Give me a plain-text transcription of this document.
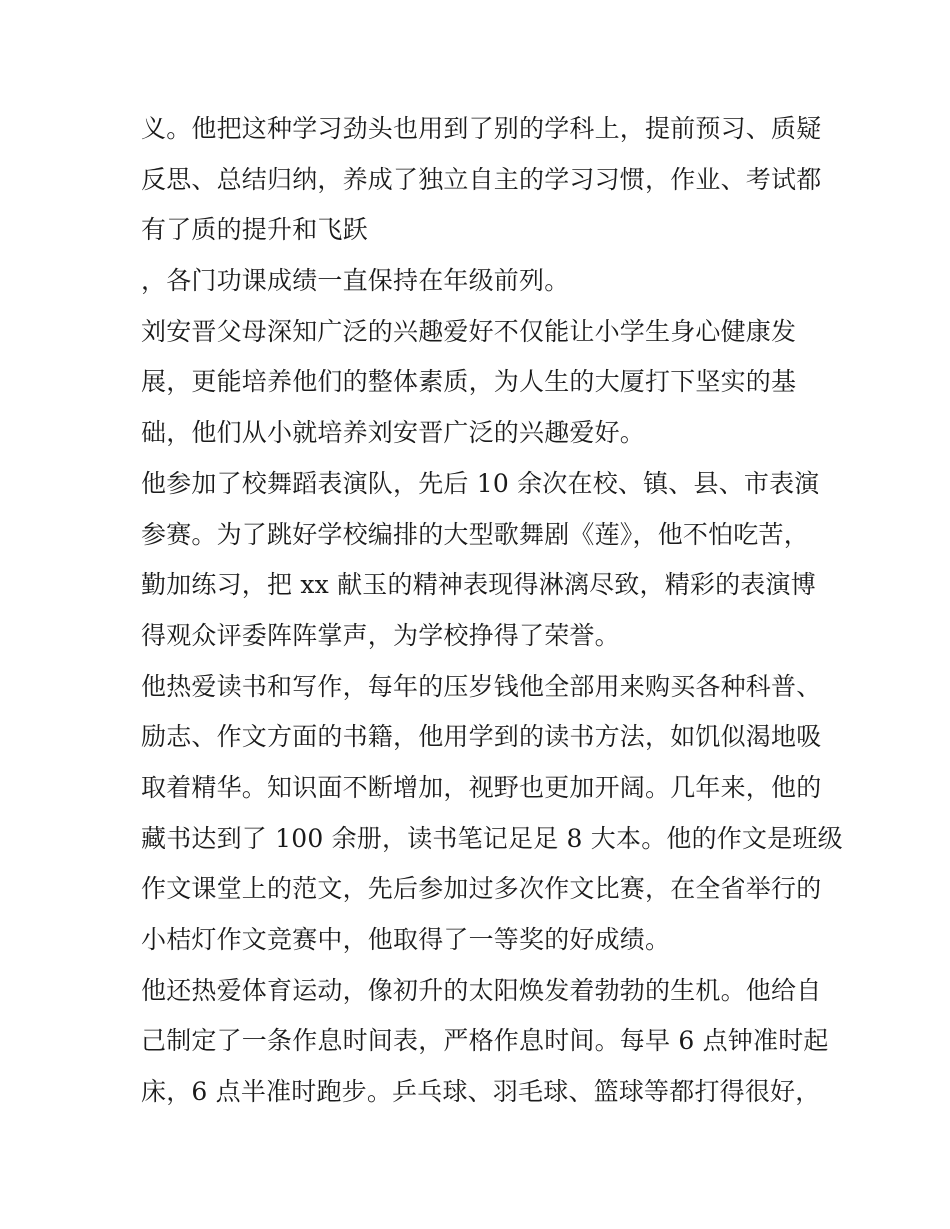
义。他把这种学习劲头也用到了别的学科上，提前预习、质疑
反思、总结归纳，养成了独立自主的学习习惯，作业、考试都
有了质的提升和飞跃
，各门功课成绩一直保持在年级前列。
刘安晋父母深知广泛的兴趣爱好不仅能让小学生身心健康发
展，更能培养他们的整体素质，为人生的大厦打下坚实的基
础，他们从小就培养刘安晋广泛的兴趣爱好。
他参加了校舞蹈表演队，先后 10 余次在校、镇、县、市表演
参赛。为了跳好学校编排的大型歌舞剧《莲》，他不怕吃苦，
勤加练习，把 xx 献玉的精神表现得淋漓尽致，精彩的表演博
得观众评委阵阵掌声，为学校挣得了荣誉。
他热爱读书和写作，每年的压岁钱他全部用来购买各种科普、
励志、作文方面的书籍，他用学到的读书方法，如饥似渴地吸
取着精华。知识面不断增加，视野也更加开阔。几年来，他的
藏书达到了 100 余册，读书笔记足足 8 大本。他的作文是班级
作文课堂上的范文，先后参加过多次作文比赛，在全省举行的
小桔灯作文竞赛中，他取得了一等奖的好成绩。
他还热爱体育运动，像初升的太阳焕发着勃勃的生机。他给自
己制定了一条作息时间表，严格作息时间。每早 6 点钟准时起
床，6 点半准时跑步。乒乓球、羽毛球、篮球等都打得很好，
